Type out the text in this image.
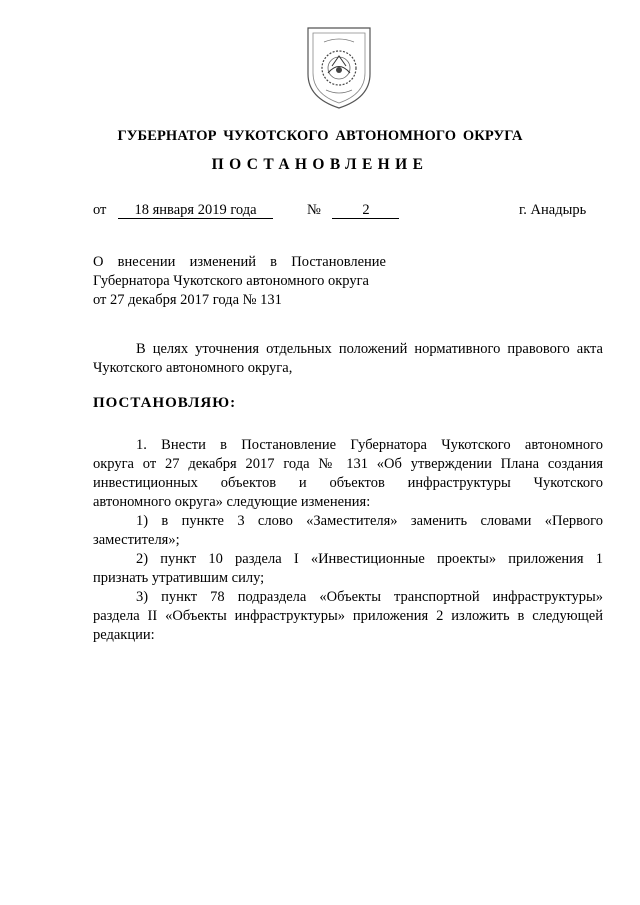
ГУБЕРНАТОР ЧУКОТСКОГО АВТОНОМНОГО ОКРУГА
ПОСТАНОВЛЕНИЕ
от 18 января 2019 года	№	2	г. Анадырь
О внесении изменений в Постановление
Губернатора Чукотского автономного округа
от 27 декабря 2017 года № 131
В целях уточнения отдельных положений нормативного правового акта
Чукотского автономного округа,
ПОСТАНОВЛЯЮ:
1. Внести в Постановление Губернатора Чукотского автономного
округа от 27 декабря 2017 года № 131 «Об утверждении Плана создания
инвестиционных объектов и объектов инфраструктуры Чукотского
автономного округа» следующие изменения:
1) в пункте 3 слово «Заместителя» заменить словами «Первого
заместителя»;
2) пункт 10 раздела I «Инвестиционные проекты» приложения 1
признать утратившим силу;
3) пункт 78 подраздела «Объекты транспортной инфраструктуры»
раздела II «Объекты инфраструктуры» приложения 2 изложить в следующей
редакции:
